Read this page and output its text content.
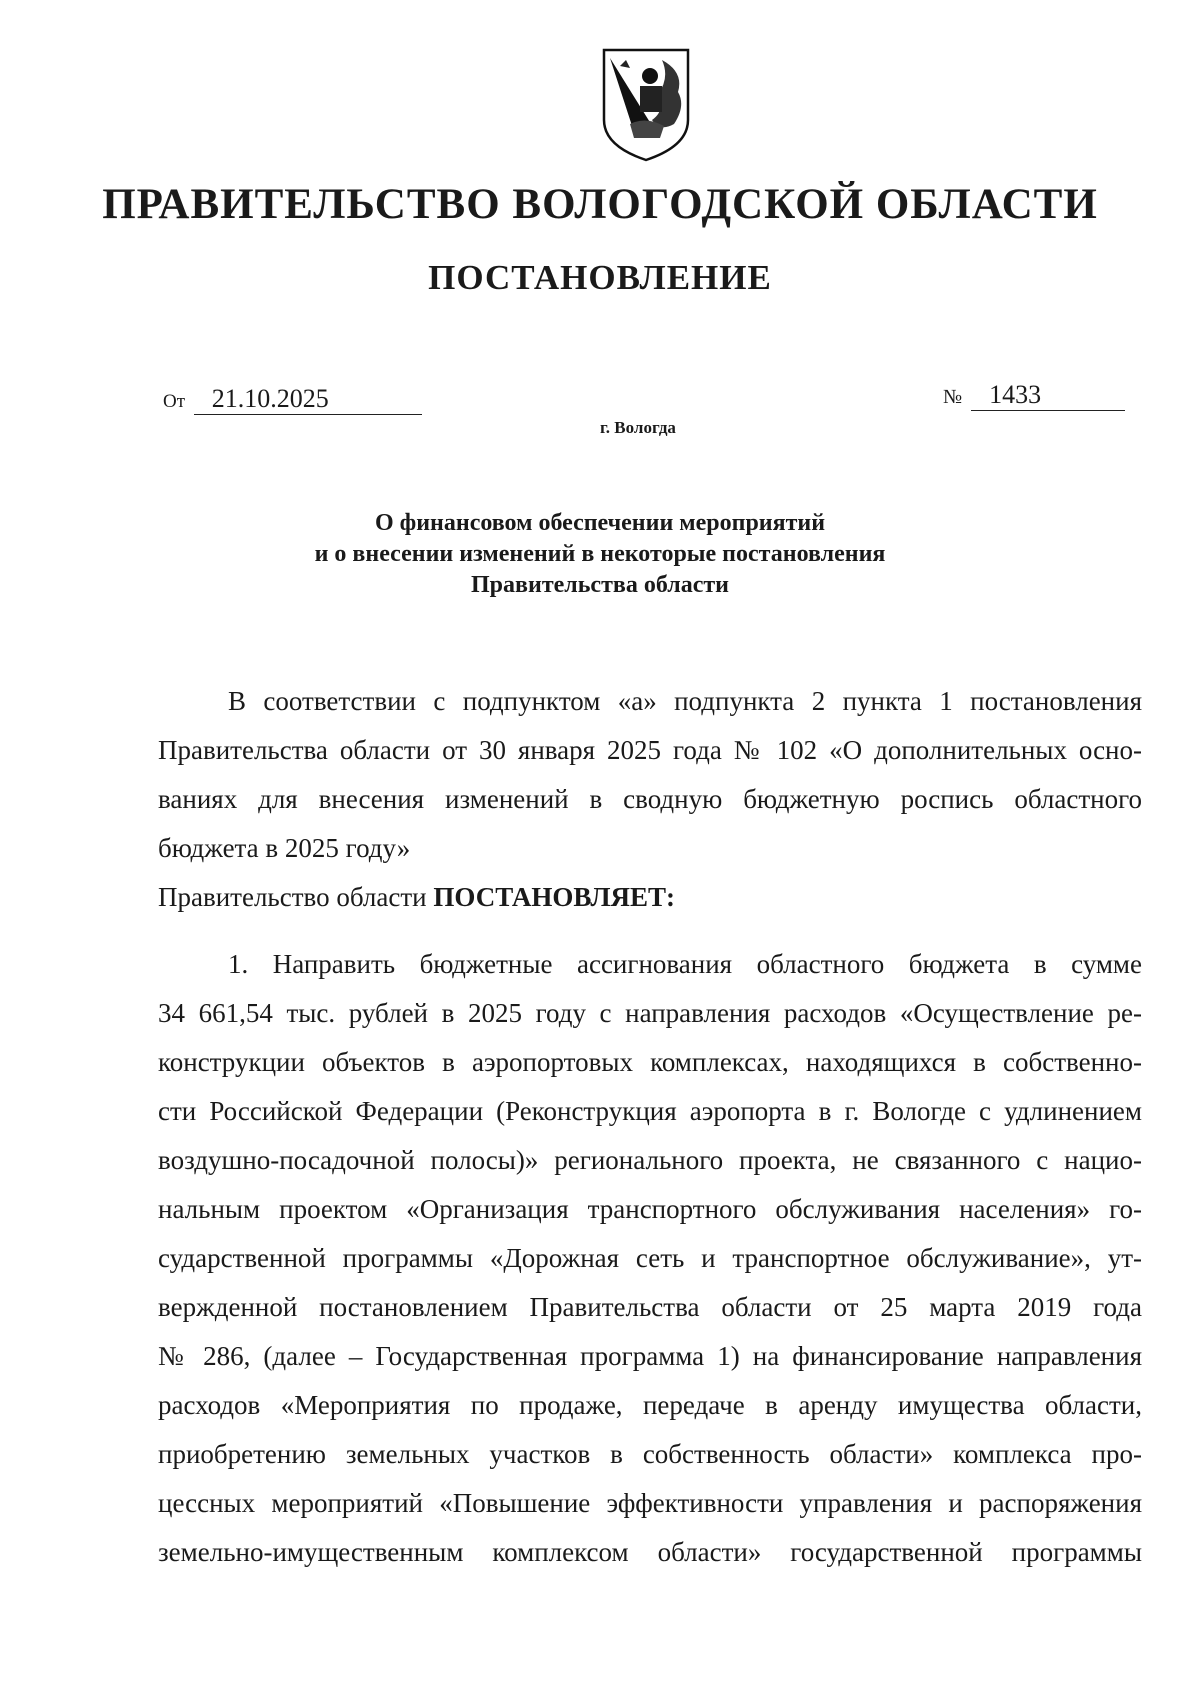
ПРАВИТЕЛЬСТВО ВОЛОГОДСКОЙ ОБЛАСТИ
ПОСТАНОВЛЕНИЕ
От 21.10.2025	№ 1433
г. Вологда
О финансовом обеспечении мероприятий
и о внесении изменений в некоторые постановления
Правительства области
В соответствии с подпунктом «а» подпункта 2 пункта 1 постановления
Правительства области от 30 января 2025 года № 102 «О дополнительных осно-
ваниях для внесения изменений в сводную бюджетную роспись областного
бюджета в 2025 году»
Правительство области ПОСТАНОВЛЯЕТ:
1. Направить бюджетные ассигнования областного бюджета в сумме
34 661,54 тыс. рублей в 2025 году с направления расходов «Осуществление ре-
конструкции объектов в аэропортовых комплексах, находящихся в собственно-
сти Российской Федерации (Реконструкция аэропорта в г. Вологде с удлинением
воздушно-посадочной полосы)» регионального проекта, не связанного с нацио-
нальным проектом «Организация транспортного обслуживания населения» го-
сударственной программы «Дорожная сеть и транспортное обслуживание», ут-
вержденной постановлением Правительства области от 25 марта 2019 года
№ 286, (далее – Государственная программа 1) на финансирование направления
расходов «Мероприятия по продаже, передаче в аренду имущества области,
приобретению земельных участков в собственность области» комплекса про-
цессных мероприятий «Повышение эффективности управления и распоряжения
земельно-имущественным комплексом области» государственной программы
